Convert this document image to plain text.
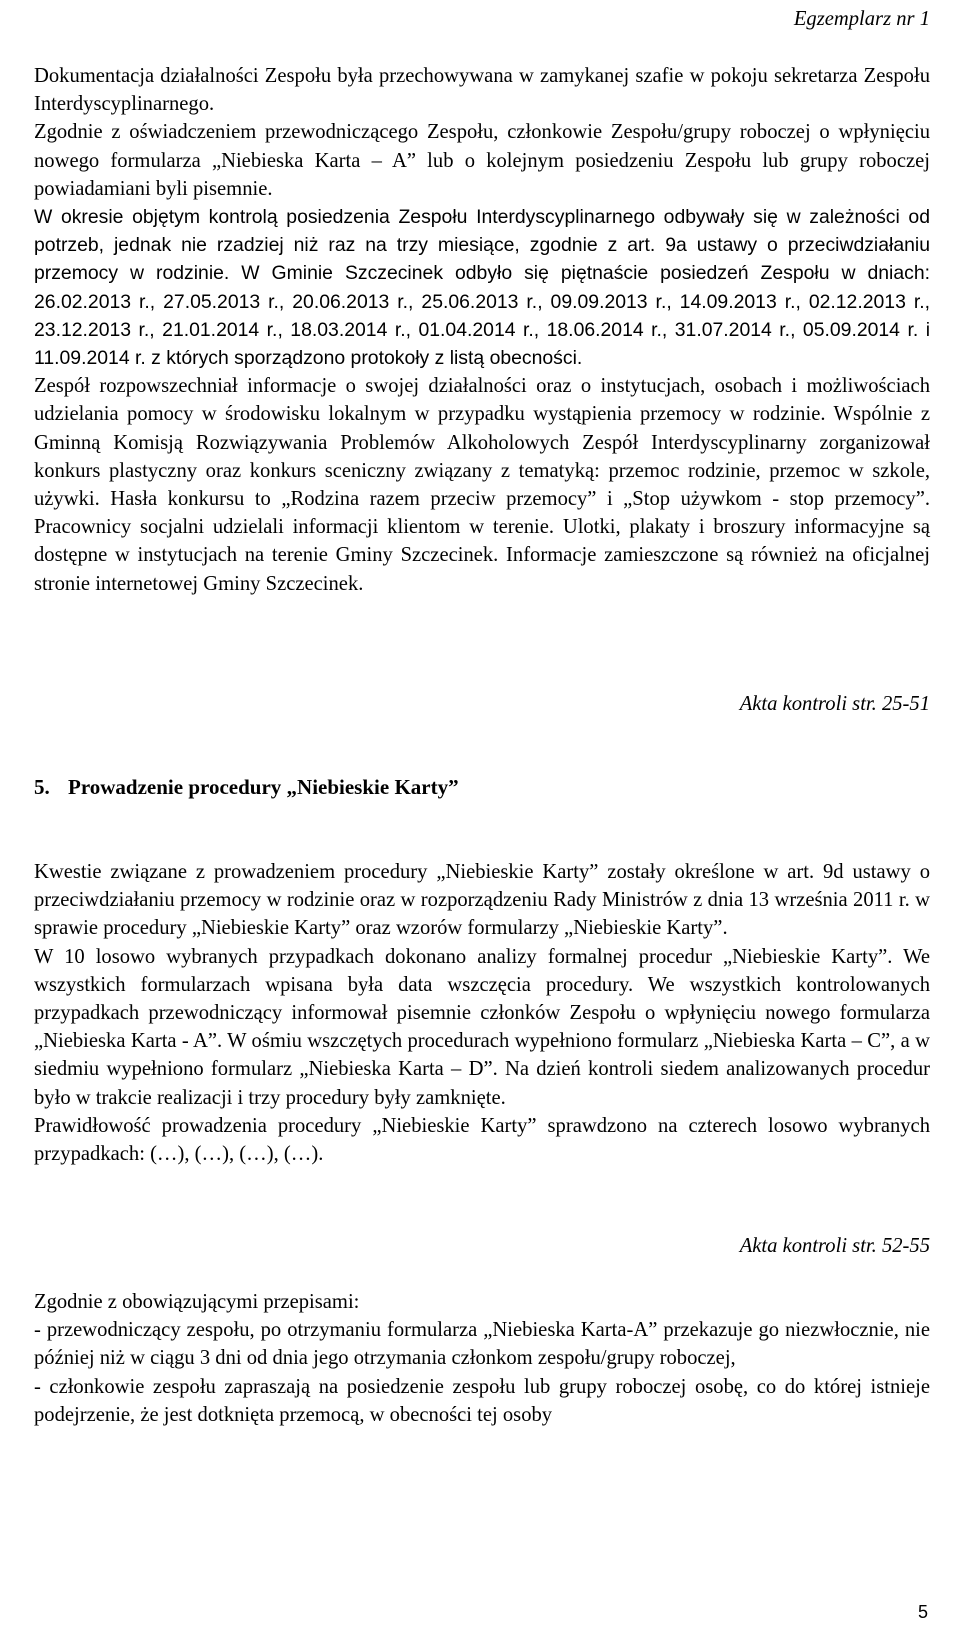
Egzemplarz nr 1

Dokumentacja działalności Zespołu była przechowywana w zamykanej szafie w pokoju sekretarza Zespołu Interdyscyplinarnego.

Zgodnie z oświadczeniem przewodniczącego Zespołu, członkowie Zespołu/grupy roboczej o wpłynięciu nowego formularza „Niebieska Karta – A” lub o kolejnym posiedzeniu Zespołu lub grupy roboczej powiadamiani byli pisemnie.

W okresie objętym kontrolą posiedzenia Zespołu Interdyscyplinarnego odbywały się w zależności od potrzeb, jednak nie rzadziej niż raz na trzy miesiące, zgodnie z art. 9a ustawy o przeciwdziałaniu przemocy w rodzinie. W Gminie Szczecinek odbyło się piętnaście posiedzeń Zespołu w dniach: 26.02.2013 r., 27.05.2013 r., 20.06.2013 r., 25.06.2013 r., 09.09.2013 r., 14.09.2013 r., 02.12.2013 r., 23.12.2013 r., 21.01.2014 r., 18.03.2014 r., 01.04.2014 r., 18.06.2014 r., 31.07.2014 r., 05.09.2014 r. i 11.09.2014 r. z których sporządzono protokoły z listą obecności.

Zespół rozpowszechniał informacje o swojej działalności oraz o instytucjach, osobach i możliwościach udzielania pomocy w środowisku lokalnym w przypadku wystąpienia przemocy w rodzinie. Wspólnie z Gminną Komisją Rozwiązywania Problemów Alkoholowych Zespół Interdyscyplinarny zorganizował konkurs plastyczny oraz konkurs sceniczny związany z tematyką: przemoc rodzinie, przemoc w szkole, używki. Hasła konkursu to „Rodzina razem przeciw przemocy” i „Stop używkom - stop przemocy”. Pracownicy socjalni udzielali informacji klientom w terenie. Ulotki, plakaty i broszury informacyjne są dostępne w instytucjach na terenie Gminy Szczecinek. Informacje zamieszczone są również na oficjalnej stronie internetowej Gminy Szczecinek.

Akta kontroli str. 25-51
5. Prowadzenie procedury „Niebieskie Karty”

Kwestie związane z prowadzeniem procedury „Niebieskie Karty” zostały określone w art. 9d ustawy o przeciwdziałaniu przemocy w rodzinie oraz w rozporządzeniu Rady Ministrów z dnia 13 września 2011 r. w sprawie procedury „Niebieskie Karty” oraz wzorów formularzy „Niebieskie Karty”.

W 10 losowo wybranych przypadkach dokonano analizy formalnej procedur „Niebieskie Karty”. We wszystkich formularzach wpisana była data wszczęcia procedury. We wszystkich kontrolowanych przypadkach przewodniczący informował pisemnie członków Zespołu o wpłynięciu nowego formularza „Niebieska Karta - A”. W ośmiu wszczętych procedurach wypełniono formularz „Niebieska Karta – C”, a w siedmiu wypełniono formularz „Niebieska Karta – D”. Na dzień kontroli siedem analizowanych procedur było w trakcie realizacji i trzy procedury były zamknięte.

Prawidłowość prowadzenia procedury „Niebieskie Karty” sprawdzono na czterech losowo wybranych przypadkach: (…), (…), (…), (…).

Akta kontroli str. 52-55

Zgodnie z obowiązującymi przepisami:

- przewodniczący zespołu, po otrzymaniu formularza „Niebieska Karta-A” przekazuje go niezwłocznie, nie później niż w ciągu 3 dni od dnia jego otrzymania członkom zespołu/grupy roboczej,

- członkowie zespołu zapraszają na posiedzenie zespołu lub grupy roboczej osobę, co do której istnieje podejrzenie, że jest dotknięta przemocą, w obecności tej osoby

5
